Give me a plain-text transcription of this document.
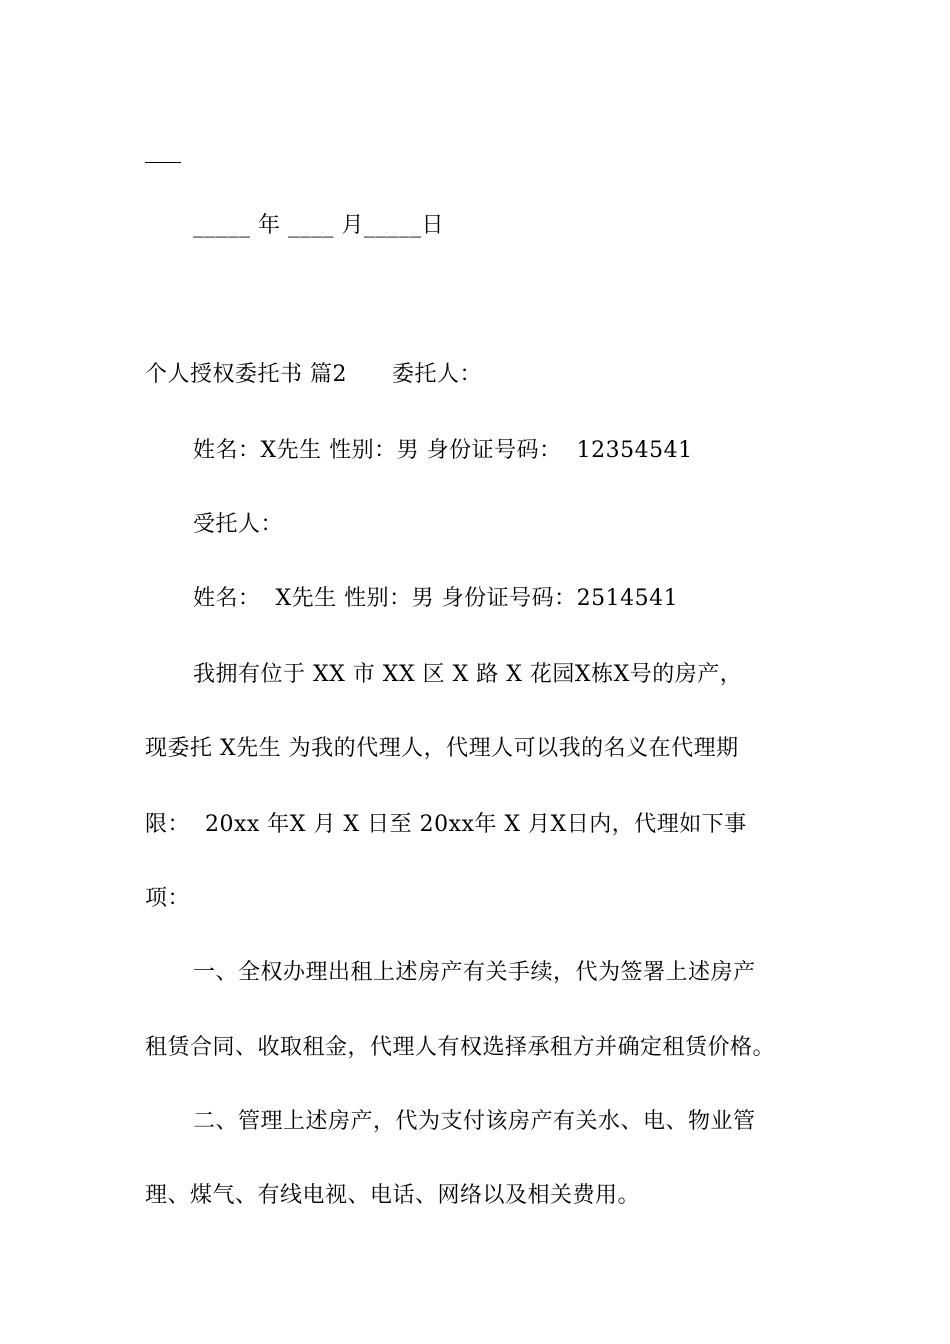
_____ 年 ____ 月_____日
个人授权委托书 篇2      委托人：
姓名：X先生 性别：男 身份证号码：  12354541
受托人：
姓名：  X先生 性别：男 身份证号码：2514541
我拥有位于 XX 市 XX 区 X 路 X 花园X栋X号的房产，
现委托 X先生 为我的代理人，代理人可以我的名义在代理期
限：  20xx 年X 月 X 日至 20xx年 X 月X日内，代理如下事
项：
一、全权办理出租上述房产有关手续，代为签署上述房产
租赁合同、收取租金，代理人有权选择承租方并确定租赁价格。
二、管理上述房产，代为支付该房产有关水、电、物业管
理、煤气、有线电视、电话、网络以及相关费用。
